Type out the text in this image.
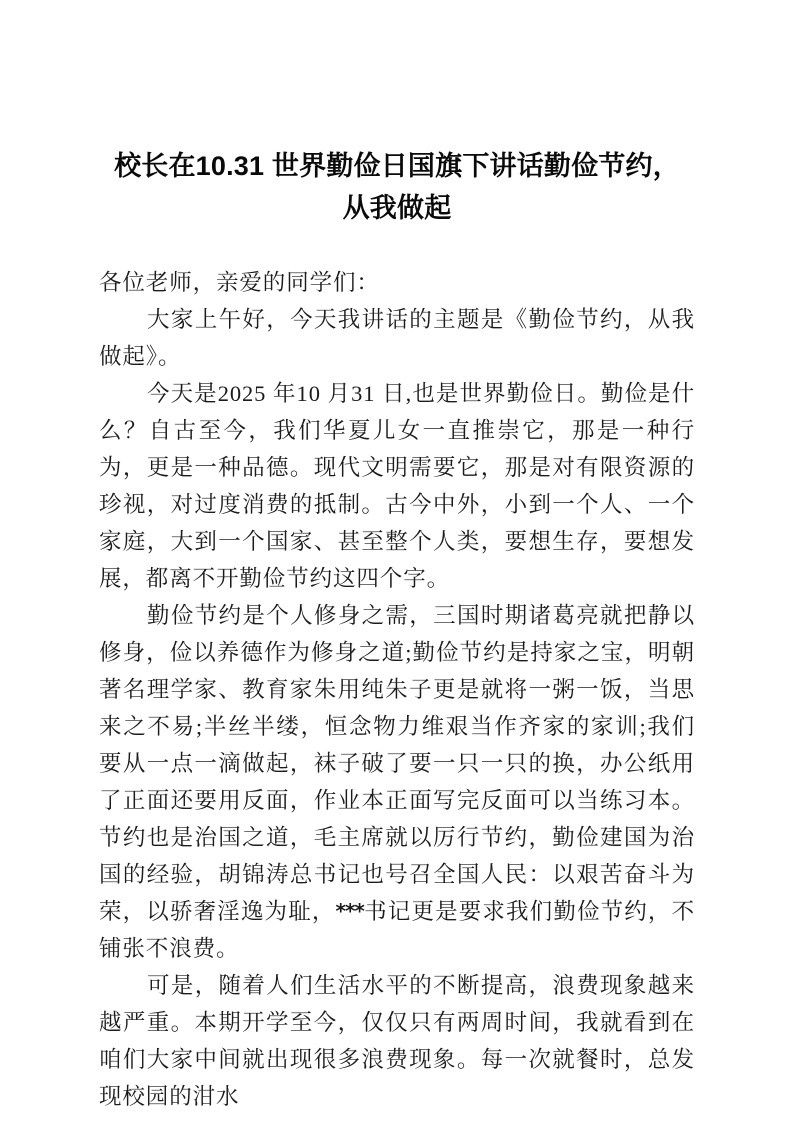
校长在10.31 世界勤俭日国旗下讲话勤俭节约，从我做起

各位老师，亲爱的同学们：

大家上午好，今天我讲话的主题是《勤俭节约，从我做起》。

今天是2025 年10 月31 日,也是世界勤俭日。勤俭是什么？自古至今，我们华夏儿女一直推崇它，那是一种行为，更是一种品德。现代文明需要它，那是对有限资源的珍视，对过度消费的抵制。古今中外，小到一个人、一个家庭，大到一个国家、甚至整个人类，要想生存，要想发展，都离不开勤俭节约这四个字。

勤俭节约是个人修身之需，三国时期诸葛亮就把静以修身，俭以养德作为修身之道;勤俭节约是持家之宝，明朝著名理学家、教育家朱用纯朱子更是就将一粥一饭，当思来之不易;半丝半缕，恒念物力维艰当作齐家的家训;我们要从一点一滴做起，袜子破了要一只一只的换，办公纸用了正面还要用反面，作业本正面写完反面可以当练习本。节约也是治国之道，毛主席就以厉行节约，勤俭建国为治国的经验，胡锦涛总书记也号召全国人民：以艰苦奋斗为荣，以骄奢淫逸为耻，***书记更是要求我们勤俭节约，不铺张不浪费。

可是，随着人们生活水平的不断提高，浪费现象越来越严重。本期开学至今，仅仅只有两周时间，我就看到在咱们大家中间就出现很多浪费现象。每一次就餐时，总发现校园的泔水
